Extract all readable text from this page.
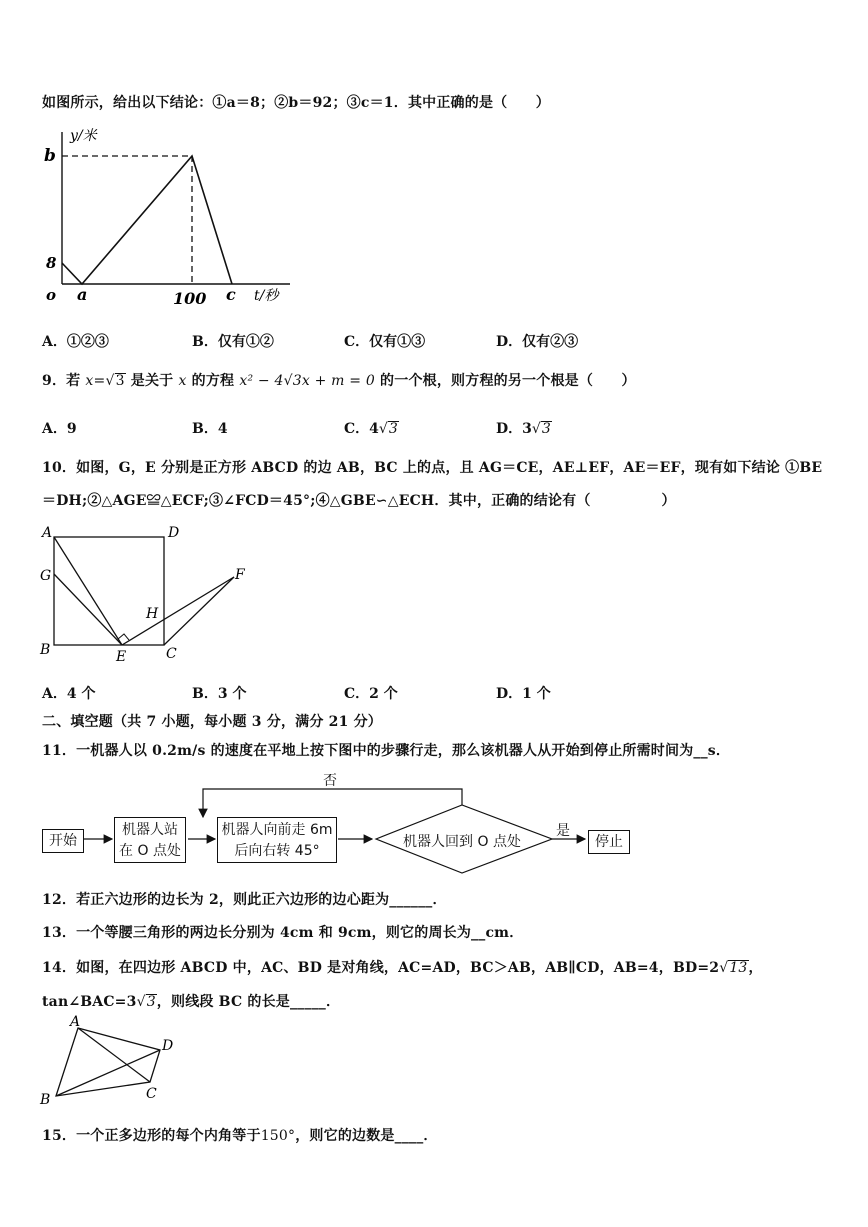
如图所示，给出以下结论：①a＝8；②b＝92；③c＝1．其中正确的是（　　）
y/米
b
8
o a	100 c t/秒
A．①②③	B．仅有①②	C．仅有①③	D．仅有②③
9．若 x=√3 是关于 x 的方程 x² − 4√3x + m = 0 的一个根，则方程的另一个根是（　　）
A．9	B．4	C．4√3	D．3√3
10．如图，G，E 分别是正方形 ABCD 的边 AB，BC 上的点，且 AG＝CE，AE⊥EF，AE＝EF，现有如下结论 ①BE
＝DH;②△AGE≌△ECF;③∠FCD＝45°;④△GBE∽△ECH．其中，正确的结论有（　　　　　）
A	D
G	F
H
B	E	C
A．4 个	B．3 个	C．2 个	D．1 个
二、填空题（共 7 小题，每小题 3 分，满分 21 分）
11．一机器人以 0.2m/s 的速度在平地上按下图中的步骤行走，那么该机器人从开始到停止所需时间为__s．
否
开始
机器人站
在 O 点处
机器人向前走 6m
后向右转 45°
机器人回到 O 点处
是
停止
12．若正六边形的边长为 2，则此正六边形的边心距为______．
13．一个等腰三角形的两边长分别为 4cm 和 9cm，则它的周长为__cm．
14．如图，在四边形 ABCD 中，AC、BD 是对角线，AC=AD，BC＞AB，AB∥CD，AB=4，BD=2√13，
tan∠BAC=3√3，则线段 BC 的长是_____．
A
D
C
B
15．一个正多边形的每个内角等于150°，则它的边数是____．
